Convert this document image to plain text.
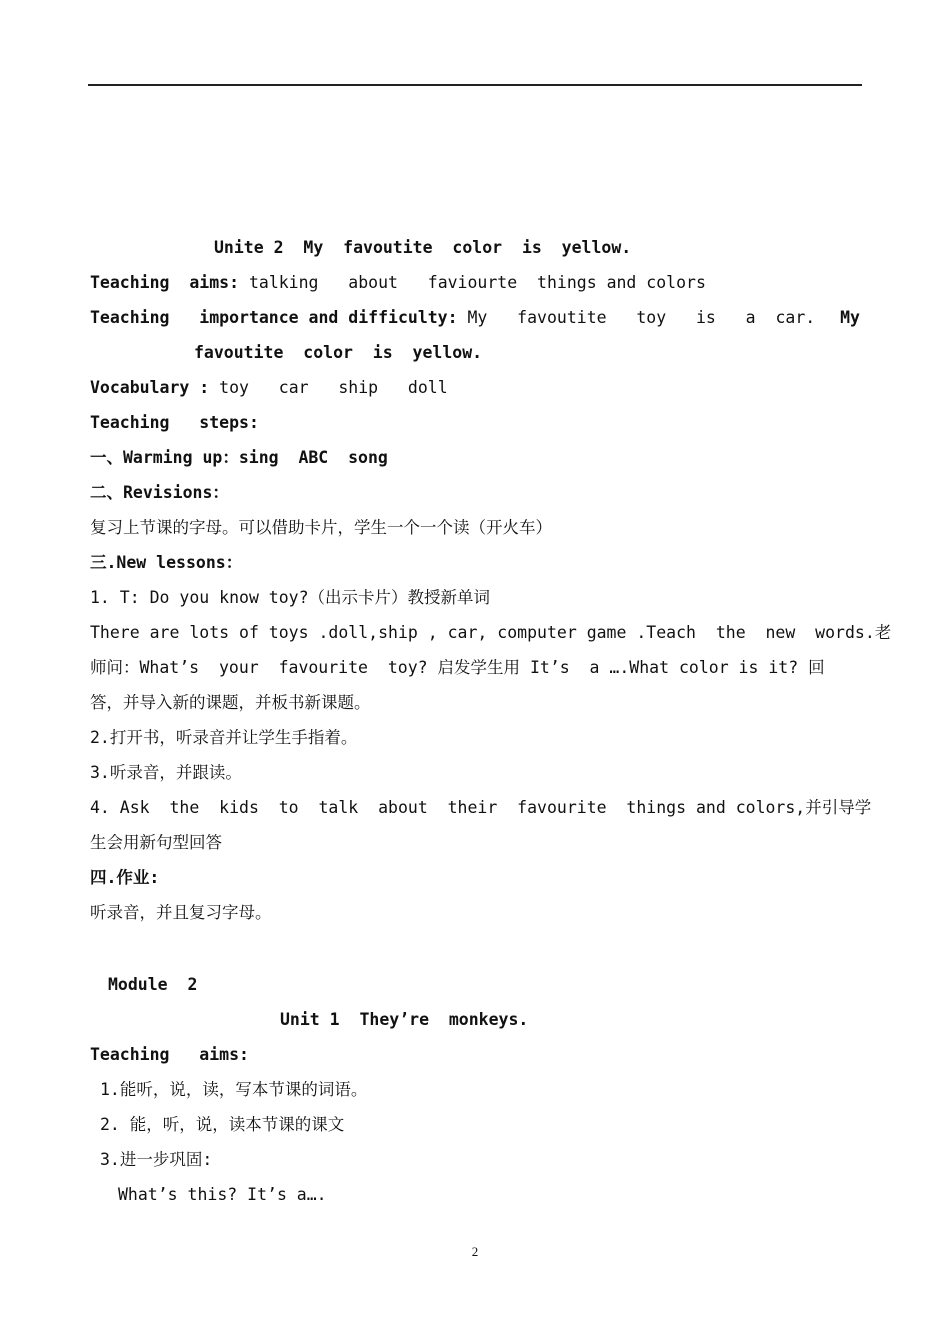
Unite 2  My  favoutite  color  is  yellow.
Teaching  aims: talking   about   faviourte  things and colors
Teaching   importance and difficulty: My   favoutite   toy   is   a  car. My
favoutite  color  is  yellow.
Vocabulary : toy   car   ship   doll
Teaching   steps:
一、Warming up：sing  ABC  song
二、Revisions：
复习上节课的字母。可以借助卡片，学生一个一个读（开火车）
三.New lessons：
1. T: Do you know toy?（出示卡片）教授新单词
There are lots of toys .doll,ship , car, computer game .Teach  the  new  words.老
师问：What’s  your  favourite  toy? 启发学生用 It’s  a ….What color is it? 回
答，并导入新的课题，并板书新课题。
2.打开书，听录音并让学生手指着。
3.听录音，并跟读。
4. Ask  the  kids  to  talk  about  their  favourite  things and colors,并引导学
生会用新句型回答
四.作业:
听录音，并且复习字母。
Module  2
Unit 1  They’re  monkeys.
Teaching   aims:
1.能听，说，读，写本节课的词语。
2. 能，听，说，读本节课的课文
3.进一步巩固:
What’s this? It’s a….
2
